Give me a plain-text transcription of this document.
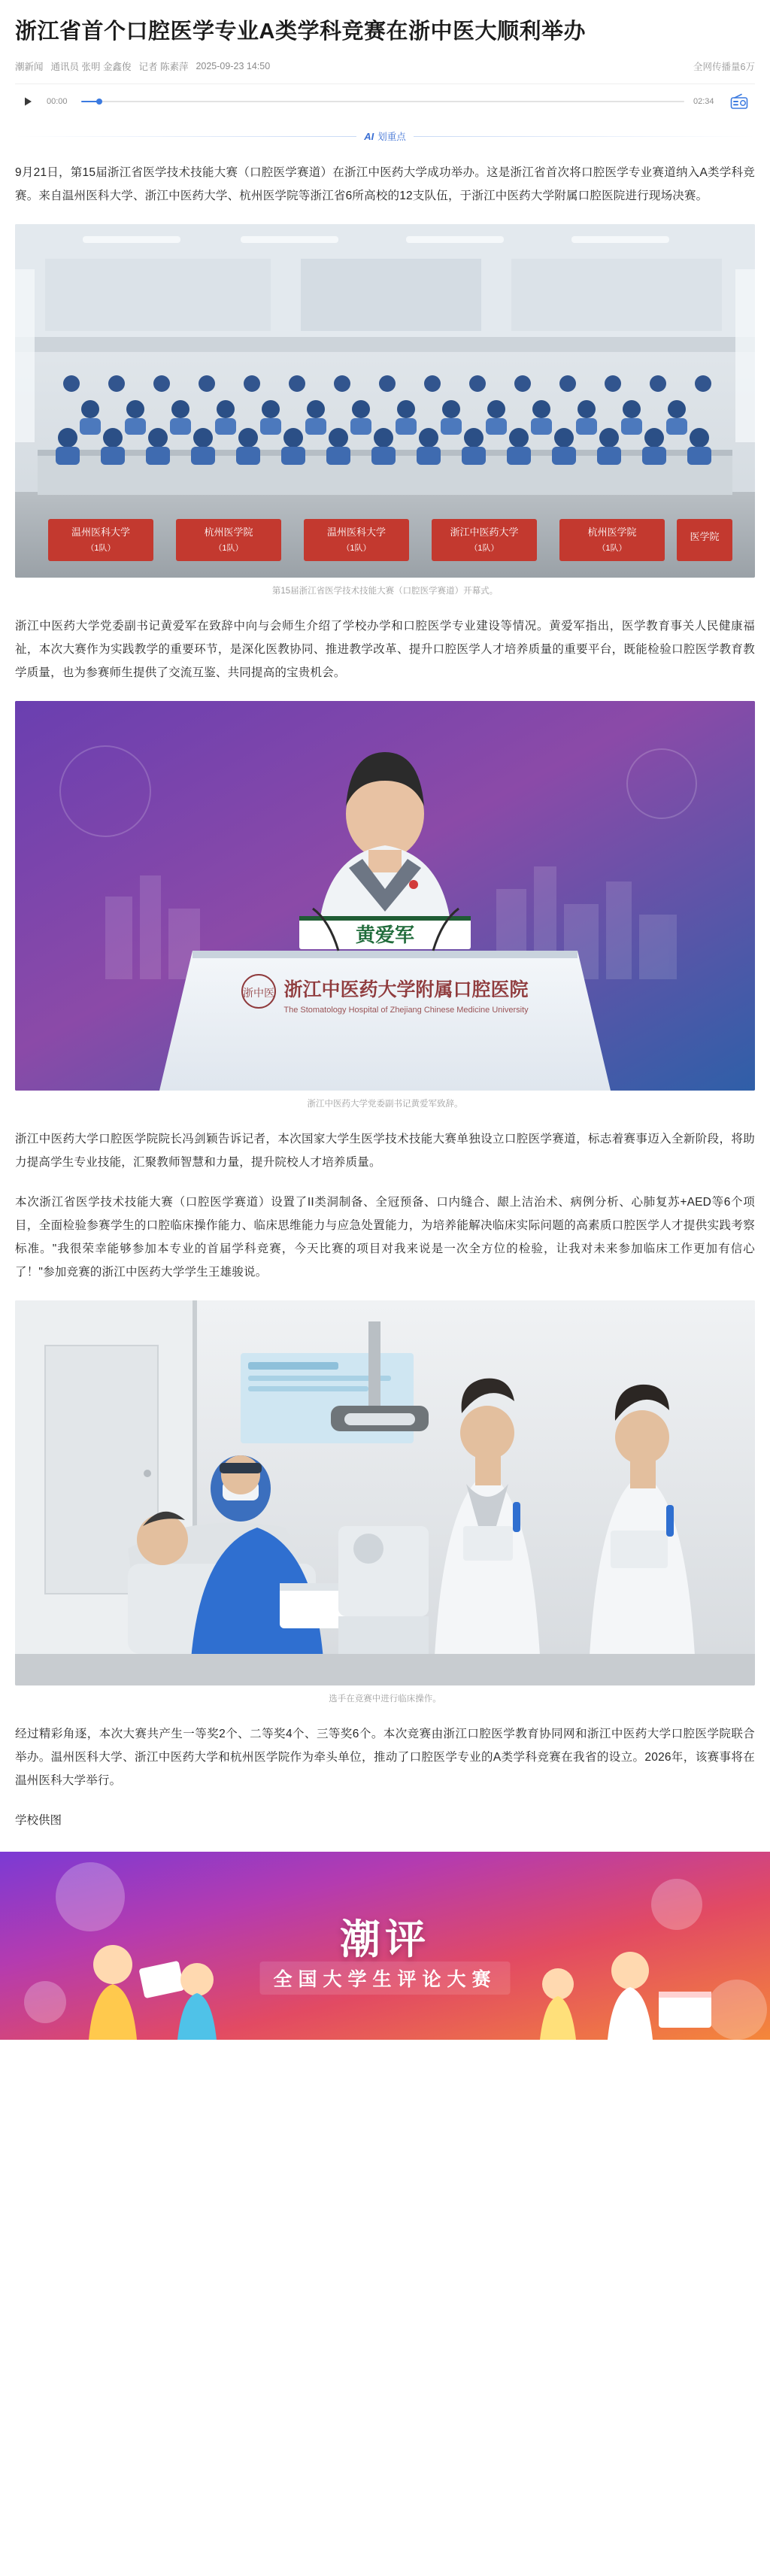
浙江省首个口腔医学专业A类学科竞赛在浙中医大顺利举办
潮新闻 通讯员 张明 金鑫俊 记者 陈素萍 2025-09-23 14:50	全网传播量6万
00:00	02:34
AI 划重点

9月21日，第15届浙江省医学技术技能大赛（口腔医学赛道）在浙江中医药大学成功举办。这是浙江省首次将口腔医学专业赛道纳入A类学科竞赛。来自温州医科大学、浙江中医药大学、杭州医学院等浙江省6所高校的12支队伍，于浙江中医药大学附属口腔医院进行现场决赛。

温州医科大学
（1队）
杭州医学院
（1队）
温州医科大学
（1队）
浙江中医药大学
（1队）
杭州医学院
（1队）
医学院
第15届浙江省医学技术技能大赛（口腔医学赛道）开幕式。

浙江中医药大学党委副书记黄爱军在致辞中向与会师生介绍了学校办学和口腔医学专业建设等情况。黄爱军指出，医学教育事关人民健康福祉，本次大赛作为实践教学的重要环节，是深化医教协同、推进教学改革、提升口腔医学人才培养质量的重要平台，既能检验口腔医学教育教学质量，也为参赛师生提供了交流互鉴、共同提高的宝贵机会。

黄爱军
浙中医 浙江中医药大学附属口腔医院
The Stomatology Hospital of Zhejiang Chinese Medicine University
浙江中医药大学党委副书记黄爱军致辞。

浙江中医药大学口腔医学院院长冯剑颖告诉记者，本次国家大学生医学技术技能大赛单独设立口腔医学赛道，标志着赛事迈入全新阶段，将助力提高学生专业技能，汇聚教师智慧和力量，提升院校人才培养质量。

本次浙江省医学技术技能大赛（口腔医学赛道）设置了II类洞制备、全冠预备、口内缝合、龈上洁治术、病例分析、心肺复苏+AED等6个项目，全面检验参赛学生的口腔临床操作能力、临床思维能力与应急处置能力，为培养能解决临床实际问题的高素质口腔医学人才提供实践考察标准。"我很荣幸能够参加本专业的首届学科竞赛，今天比赛的项目对我来说是一次全方位的检验，让我对未来参加临床工作更加有信心了！"参加竞赛的浙江中医药大学学生王雄骏说。

选手在竞赛中进行临床操作。

经过精彩角逐，本次大赛共产生一等奖2个、二等奖4个、三等奖6个。本次竞赛由浙江口腔医学教育协同网和浙江中医药大学口腔医学院联合举办。温州医科大学、浙江中医药大学和杭州医学院作为牵头单位，推动了口腔医学专业的A类学科竞赛在我省的设立。2026年，该赛事将在温州医科大学举行。

学校供图
潮评
全国大学生评论大赛
